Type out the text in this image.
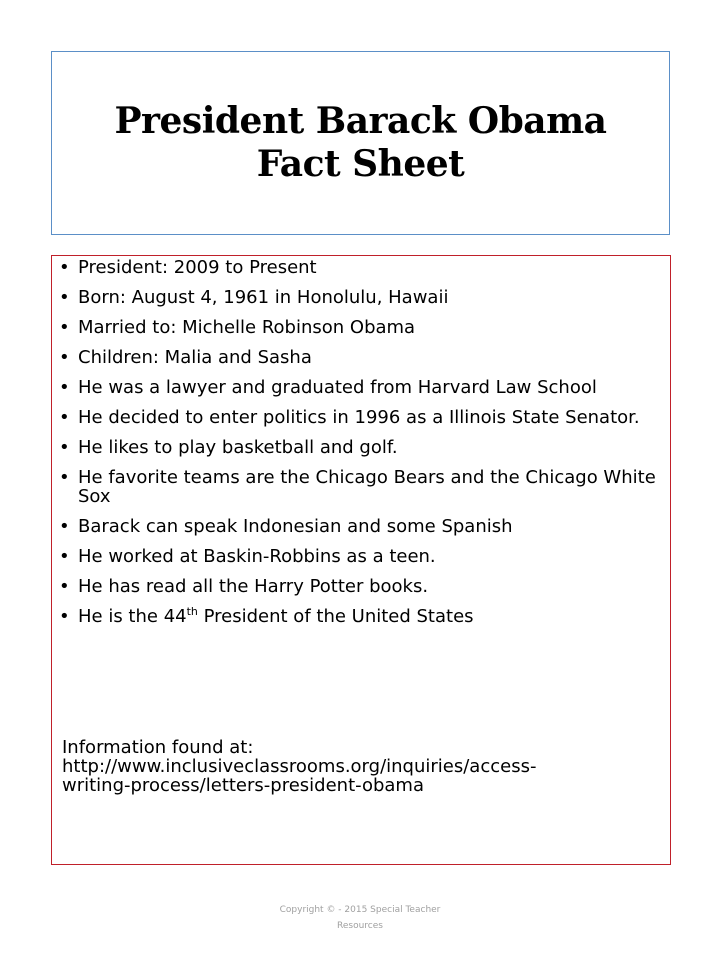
President Barack Obama
Fact Sheet
• President: 2009 to Present
• Born: August 4, 1961 in Honolulu, Hawaii
• Married to: Michelle Robinson Obama
• Children: Malia and Sasha
• He was a lawyer and graduated from Harvard Law School
• He decided to enter politics in 1996 as a Illinois State Senator.
• He likes to play basketball and golf.
• He favorite teams are the Chicago Bears and the Chicago White Sox
• Barack can speak Indonesian and some Spanish
• He worked at Baskin-Robbins as a teen.
• He has read all the Harry Potter books.
• He is the 44th President of the United States
Information found at:
http://www.inclusiveclassrooms.org/inquiries/access-
writing-process/letters-president-obama
Copyright © - 2015 Special Teacher
Resources
